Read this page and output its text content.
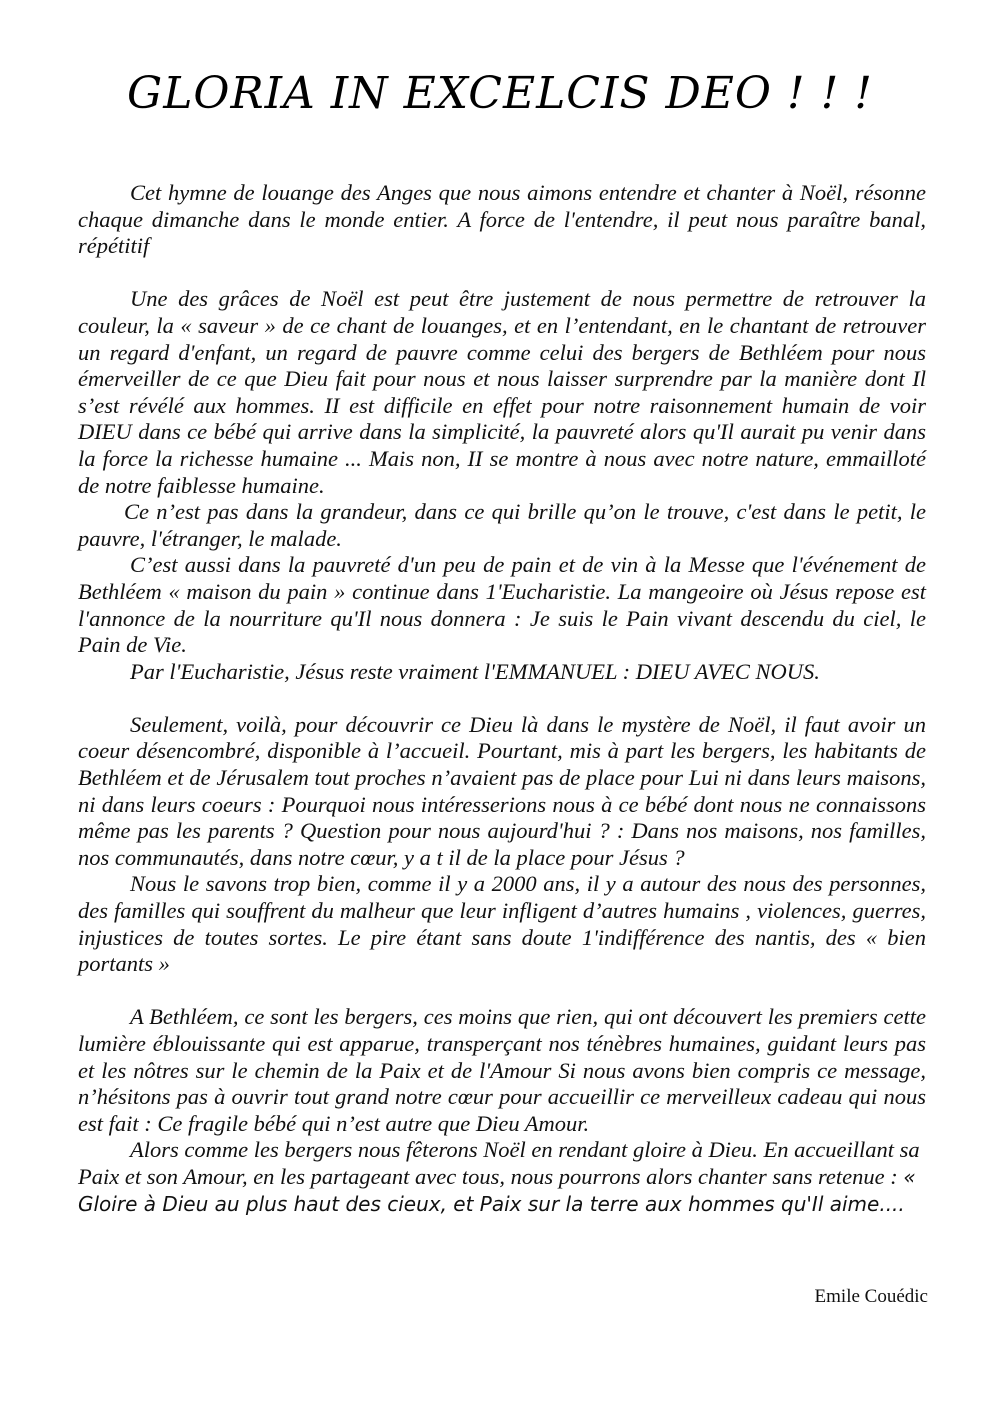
GLORIA IN EXCELCIS DEO ! ! !

Cet hymne de louange des Anges que nous aimons entendre et chanter à Noël, résonne chaque dimanche dans le monde entier. A force de l'entendre, il peut nous paraître banal, répétitif

Une des grâces de Noël est peut être justement de nous permettre de retrouver la couleur, la « saveur » de ce chant de louanges, et en l’entendant, en le chantant de retrouver un regard d'enfant, un regard de pauvre comme celui des bergers de Bethléem pour nous émerveiller de ce que Dieu fait pour nous et nous laisser surprendre par la manière dont Il s’est révélé aux hommes. II est difficile en effet pour notre raisonnement humain de voir DIEU dans ce bébé qui arrive dans la simplicité, la pauvreté alors qu'Il aurait pu venir dans la force la richesse humaine ... Mais non, II se montre à nous avec notre nature, emmailloté de notre faiblesse humaine.

Ce n’est pas dans la grandeur, dans ce qui brille qu’on le trouve, c'est dans le petit, le pauvre, l'étranger, le malade.

C’est aussi dans la pauvreté d'un peu de pain et de vin à la Messe que l'événement de Bethléem « maison du pain » continue dans 1'Eucharistie. La mangeoire où Jésus repose est l'annonce de la nourriture qu'Il nous donnera : Je suis le Pain vivant descendu du ciel, le Pain de Vie.

Par l'Eucharistie, Jésus reste vraiment l'EMMANUEL : DIEU AVEC NOUS.

Seulement, voilà, pour découvrir ce Dieu là dans le mystère de Noël, il faut avoir un coeur désencombré, disponible à l’accueil. Pourtant, mis à part les bergers, les habitants de Bethléem et de Jérusalem tout proches n’avaient pas de place pour Lui ni dans leurs maisons, ni dans leurs coeurs : Pourquoi nous intéresserions nous à ce bébé dont nous ne connaissons même pas les parents ? Question pour nous aujourd'hui ? : Dans nos maisons, nos familles, nos communautés, dans notre cœur, y a t il de la place pour Jésus ?

Nous le savons trop bien, comme il y a 2000 ans, il y a autour des nous des personnes, des familles qui souffrent du malheur que leur infligent d’autres humains , violences, guerres, injustices de toutes sortes. Le pire étant sans doute 1'indifférence des nantis, des « bien portants »

A Bethléem, ce sont les bergers, ces moins que rien, qui ont découvert les premiers cette lumière éblouissante qui est apparue, transperçant nos ténèbres humaines, guidant leurs pas et les nôtres sur le chemin de la Paix et de l'Amour Si nous avons bien compris ce message, n’hésitons pas à ouvrir tout grand notre cœur pour accueillir ce merveilleux cadeau qui nous est fait : Ce fragile bébé qui n’est autre que Dieu Amour.

Alors comme les bergers nous fêterons Noël en rendant gloire à Dieu. En accueillant sa Paix et son Amour, en les partageant avec tous, nous pourrons alors chanter sans retenue : « Gloire à Dieu au plus haut des cieux, et Paix sur la terre aux hommes qu'Il aime....

Emile Couédic
